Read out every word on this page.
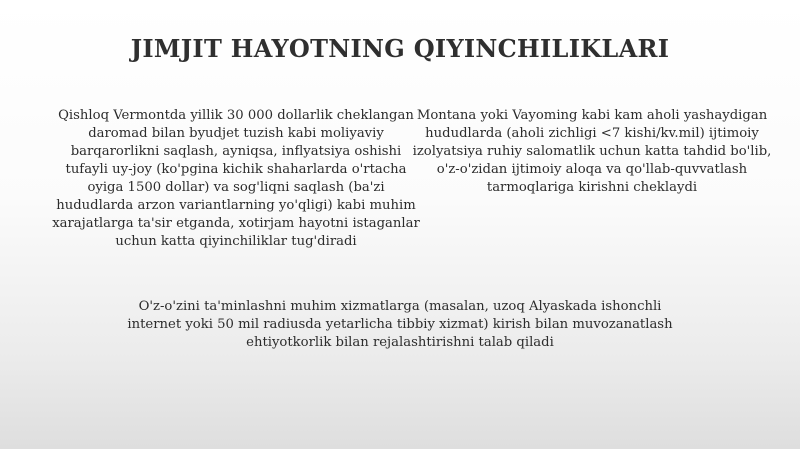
JIMJIT HAYOTNING QIYINCHILIKLARI
Qishloq Vermontda yillik 30 000 dollarlik cheklangan daromad bilan byudjet tuzish kabi moliyaviy barqarorlikni saqlash, ayniqsa, inflyatsiya oshishi tufayli uy-joy (ko'pgina kichik shaharlarda o'rtacha oyiga 1500 dollar) va sog'liqni saqlash (ba'zi hududlarda arzon variantlarning yo'qligi) kabi muhim xarajatlarga ta'sir etganda, xotirjam hayotni istaganlar uchun katta qiyinchiliklar tug'diradi
Montana yoki Vayoming kabi kam aholi yashaydigan hududlarda (aholi zichligi <7 kishi/kv.mil) ijtimoiy izolyatsiya ruhiy salomatlik uchun katta tahdid bo'lib, o'z-o'zidan ijtimoiy aloqa va qo'llab-quvvatlash tarmoqlariga kirishni cheklaydi
O'z-o'zini ta'minlashni muhim xizmatlarga (masalan, uzoq Alyaskada ishonchli internet yoki 50 mil radiusda yetarlicha tibbiy xizmat) kirish bilan muvozanatlash ehtiyotkorlik bilan rejalashtirishni talab qiladi
